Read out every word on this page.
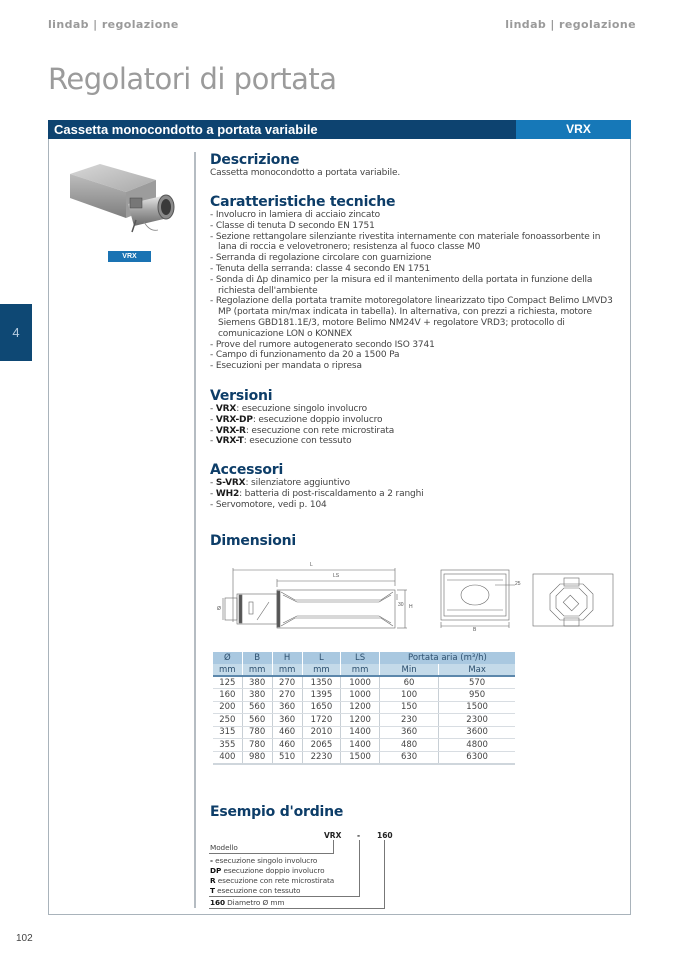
lindab | regolazione	lindab | regolazione
Regolatori di portata
4
Cassetta monocondotto a portata variabile	VRX
VRX
Descrizione
Cassetta monocondotto a portata variabile.
Caratteristiche tecniche
- Involucro in lamiera di acciaio zincato
- Classe di tenuta D secondo EN 1751
- Sezione rettangolare silenziante rivestita internamente con materiale fonoassorbente in lana di roccia e velovetronero; resistenza al fuoco classe M0
- Serranda di regolazione circolare con guarnizione
- Tenuta della serranda: classe 4 secondo EN 1751
- Sonda di Δp dinamico per la misura ed il mantenimento della portata in funzione della richiesta dell'ambiente
- Regolazione della portata tramite motoregolatore linearizzato tipo Compact Belimo LMVD3 MP (portata min/max indicata in tabella). In alternativa, con prezzi a richiesta, motore Siemens GBD181.1E/3, motore Belimo NM24V + regolatore VRD3; protocollo di comunicazione LON o KONNEX
- Prove del rumore autogenerato secondo ISO 3741
- Campo di funzionamento da 20 a 1500 Pa
- Esecuzioni per mandata o ripresa
Versioni
- VRX: esecuzione singolo involucro
- VRX-DP: esecuzione doppio involucro
- VRX-R: esecuzione con rete microstirata
- VRX-T: esecuzione con tessuto
Accessori
- S-VRX: silenziatore aggiuntivo
- WH2: batteria di post-riscaldamento a 2 ranghi
- Servomotore, vedi p. 104
Dimensioni
L
LS
H
B
Ø
30
25
Ø	B	H	L	LS	Portata aria (m³/h)	
mm	mm	mm	mm	mm	Min	Max
125	380	270	1350	1000	60	570
160	380	270	1395	1000	100	950
200	560	360	1650	1200	150	1500
250	560	360	1720	1200	230	2300
315	780	460	2010	1400	360	3600
355	780	460	2065	1400	480	4800
400	980	510	2230	1500	630	6300
Esempio d'ordine
VRX - 160
Modello
- esecuzione singolo involucro
DP esecuzione doppio involucro
R esecuzione con rete microstirata
T esecuzione con tessuto
160 Diametro Ø mm
102
